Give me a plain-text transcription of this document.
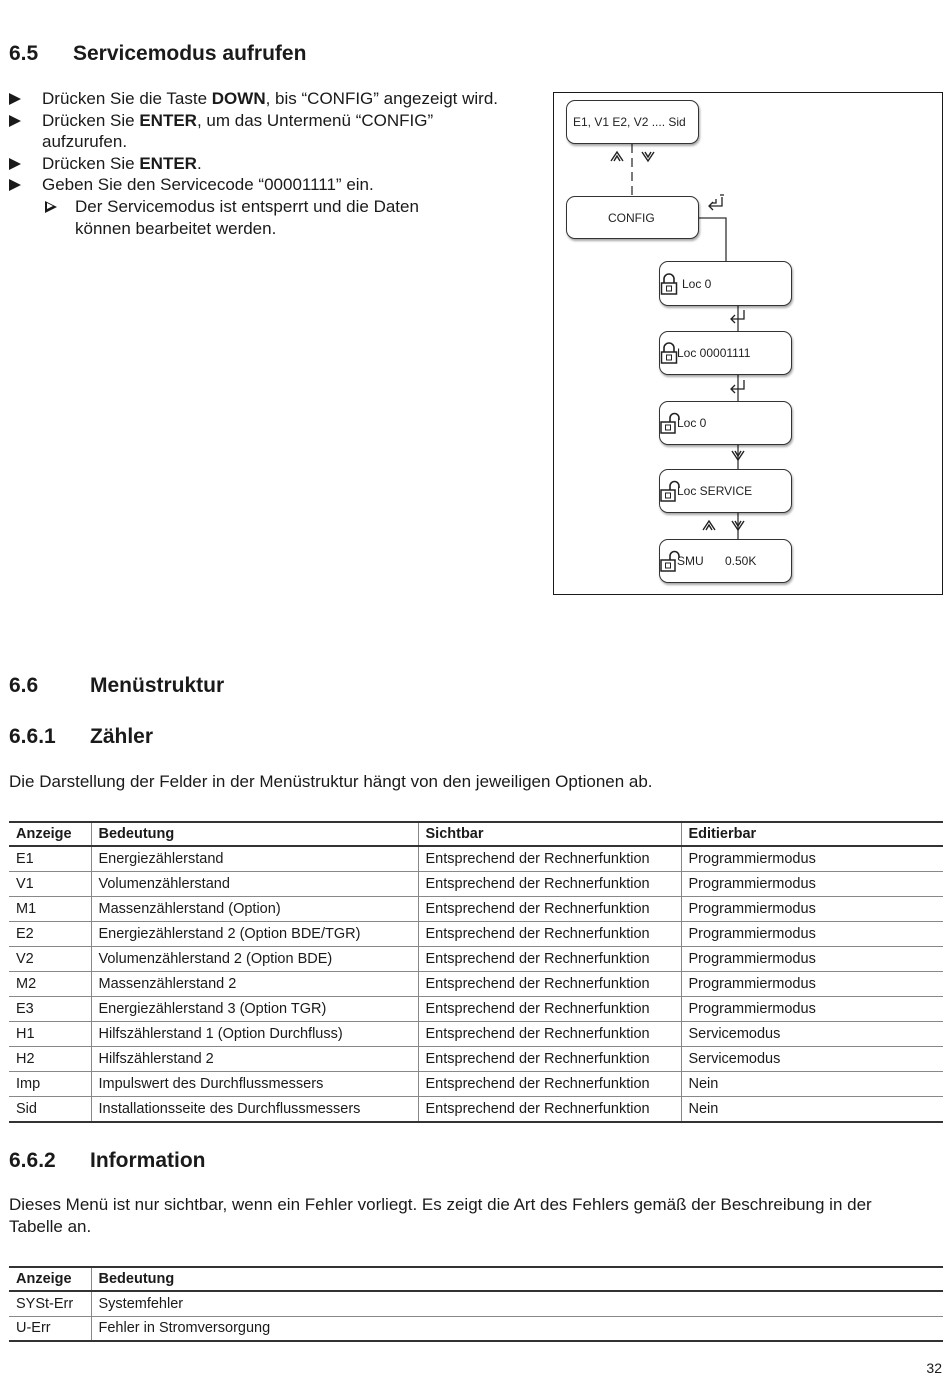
6.5 Servicemodus aufrufen
Drücken Sie die Taste DOWN, bis “CONFIG” angezeigt wird.
Drücken Sie ENTER, um das Untermenü “CONFIG” aufzurufen.
Drücken Sie ENTER.
Geben Sie den Servicecode “00001111” ein.
Der Servicemodus ist entsperrt und die Daten können bearbeitet werden.
E1, V1 E2, V2 .... Sid
CONFIG
Loc 0
Loc 00001111
Loc 0
Loc SERVICE
SMU 0.50K
6.6 Menüstruktur
6.6.1 Zähler

Die Darstellung der Felder in der Menüstruktur hängt von den jeweiligen Optionen ab.

Anzeige	Bedeutung	Sichtbar	Editierbar
E1	Energiezählerstand	Entsprechend der Rechnerfunktion	Programmiermodus
V1	Volumenzählerstand	Entsprechend der Rechnerfunktion	Programmiermodus
M1	Massenzählerstand (Option)	Entsprechend der Rechnerfunktion	Programmiermodus
E2	Energiezählerstand 2 (Option BDE/TGR)	Entsprechend der Rechnerfunktion	Programmiermodus
V2	Volumenzählerstand 2 (Option BDE)	Entsprechend der Rechnerfunktion	Programmiermodus
M2	Massenzählerstand 2	Entsprechend der Rechnerfunktion	Programmiermodus
E3	Energiezählerstand 3 (Option TGR)	Entsprechend der Rechnerfunktion	Programmiermodus
H1	Hilfszählerstand 1 (Option Durchfluss)	Entsprechend der Rechnerfunktion	Servicemodus
H2	Hilfszählerstand 2	Entsprechend der Rechnerfunktion	Servicemodus
Imp	Impulswert des Durchflussmessers	Entsprechend der Rechnerfunktion	Nein
Sid	Installationsseite des Durchflussmessers	Entsprechend der Rechnerfunktion	Nein
6.6.2 Information

Dieses Menü ist nur sichtbar, wenn ein Fehler vorliegt. Es zeigt die Art des Fehlers gemäß der Beschreibung in der Tabelle an.

Anzeige	Bedeutung
SYSt-Err	Systemfehler
U-Err	Fehler in Stromversorgung
32
